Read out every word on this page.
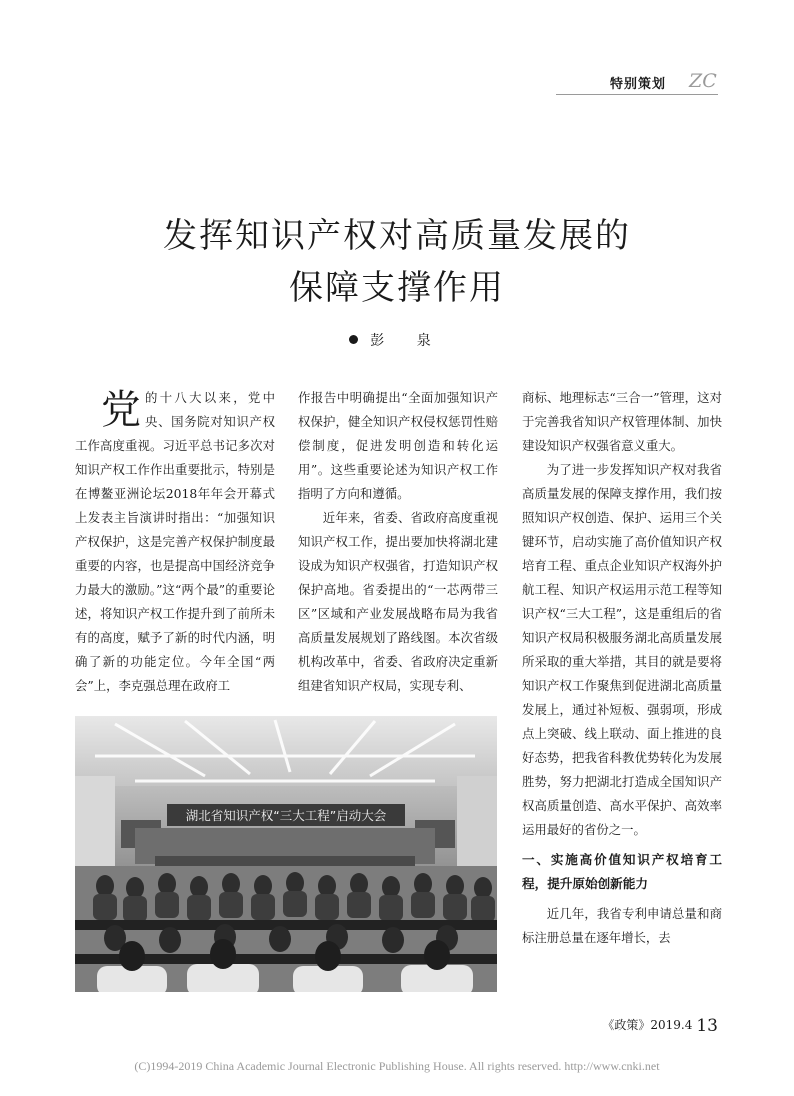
特别策划 ZC
发挥知识产权对高质量发展的
保障支撑作用
彭 泉

党的十八大以来，党中央、国务院对知识产权工作高度重视。习近平总书记多次对知识产权工作作出重要批示，特别是在博鳌亚洲论坛2018年年会开幕式上发表主旨演讲时指出：“加强知识产权保护，这是完善产权保护制度最重要的内容，也是提高中国经济竞争力最大的激励。”这“两个最”的重要论述，将知识产权工作提升到了前所未有的高度，赋予了新的时代内涵，明确了新的功能定位。今年全国“两会”上，李克强总理在政府工

作报告中明确提出“全面加强知识产权保护，健全知识产权侵权惩罚性赔偿制度，促进发明创造和转化运用”。这些重要论述为知识产权工作指明了方向和遵循。

近年来，省委、省政府高度重视知识产权工作，提出要加快将湖北建设成为知识产权强省，打造知识产权保护高地。省委提出的“一芯两带三区”区域和产业发展战略布局为我省高质量发展规划了路线图。本次省级机构改革中，省委、省政府决定重新组建省知识产权局，实现专利、

商标、地理标志“三合一”管理，这对于完善我省知识产权管理体制、加快建设知识产权强省意义重大。

为了进一步发挥知识产权对我省高质量发展的保障支撑作用，我们按照知识产权创造、保护、运用三个关键环节，启动实施了高价值知识产权培育工程、重点企业知识产权海外护航工程、知识产权运用示范工程等知识产权“三大工程”，这是重组后的省知识产权局积极服务湖北高质量发展所采取的重大举措，其目的就是要将知识产权工作聚焦到促进湖北高质量发展上，通过补短板、强弱项，形成点上突破、线上联动、面上推进的良好态势，把我省科教优势转化为发展胜势，努力把湖北打造成全国知识产权高质量创造、高水平保护、高效率运用最好的省份之一。

一、实施高价值知识产权培育工程，提升原始创新能力

近几年，我省专利申请总量和商标注册总量在逐年增长，去

湖北省知识产权“三大工程”启动大会
《政策》2019.4 13
(C)1994-2019 China Academic Journal Electronic Publishing House. All rights reserved. http://www.cnki.net
